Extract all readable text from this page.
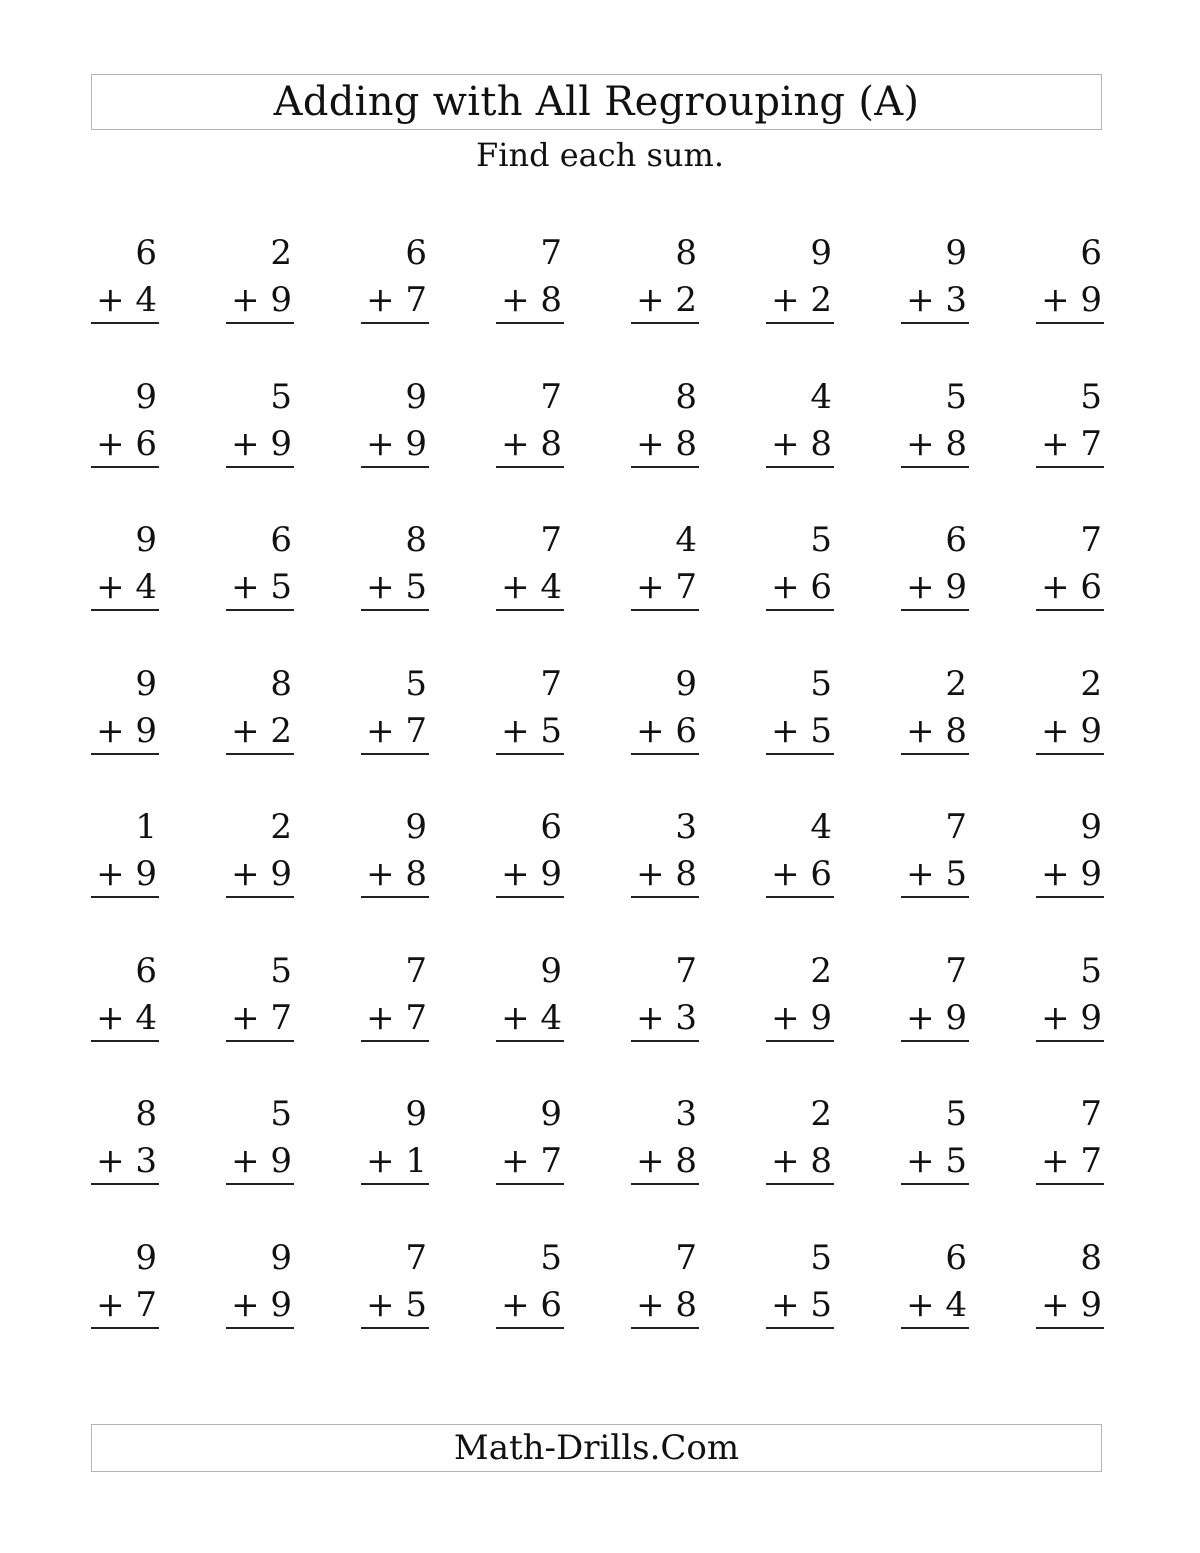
Adding with All Regrouping (A)
Find each sum.
6
+ 4
2
+ 9
6
+ 7
7
+ 8
8
+ 2
9
+ 2
9
+ 3
6
+ 9
9
+ 6
5
+ 9
9
+ 9
7
+ 8
8
+ 8
4
+ 8
5
+ 8
5
+ 7
9
+ 4
6
+ 5
8
+ 5
7
+ 4
4
+ 7
5
+ 6
6
+ 9
7
+ 6
9
+ 9
8
+ 2
5
+ 7
7
+ 5
9
+ 6
5
+ 5
2
+ 8
2
+ 9
1
+ 9
2
+ 9
9
+ 8
6
+ 9
3
+ 8
4
+ 6
7
+ 5
9
+ 9
6
+ 4
5
+ 7
7
+ 7
9
+ 4
7
+ 3
2
+ 9
7
+ 9
5
+ 9
8
+ 3
5
+ 9
9
+ 1
9
+ 7
3
+ 8
2
+ 8
5
+ 5
7
+ 7
9
+ 7
9
+ 9
7
+ 5
5
+ 6
7
+ 8
5
+ 5
6
+ 4
8
+ 9
Math-Drills.Com
